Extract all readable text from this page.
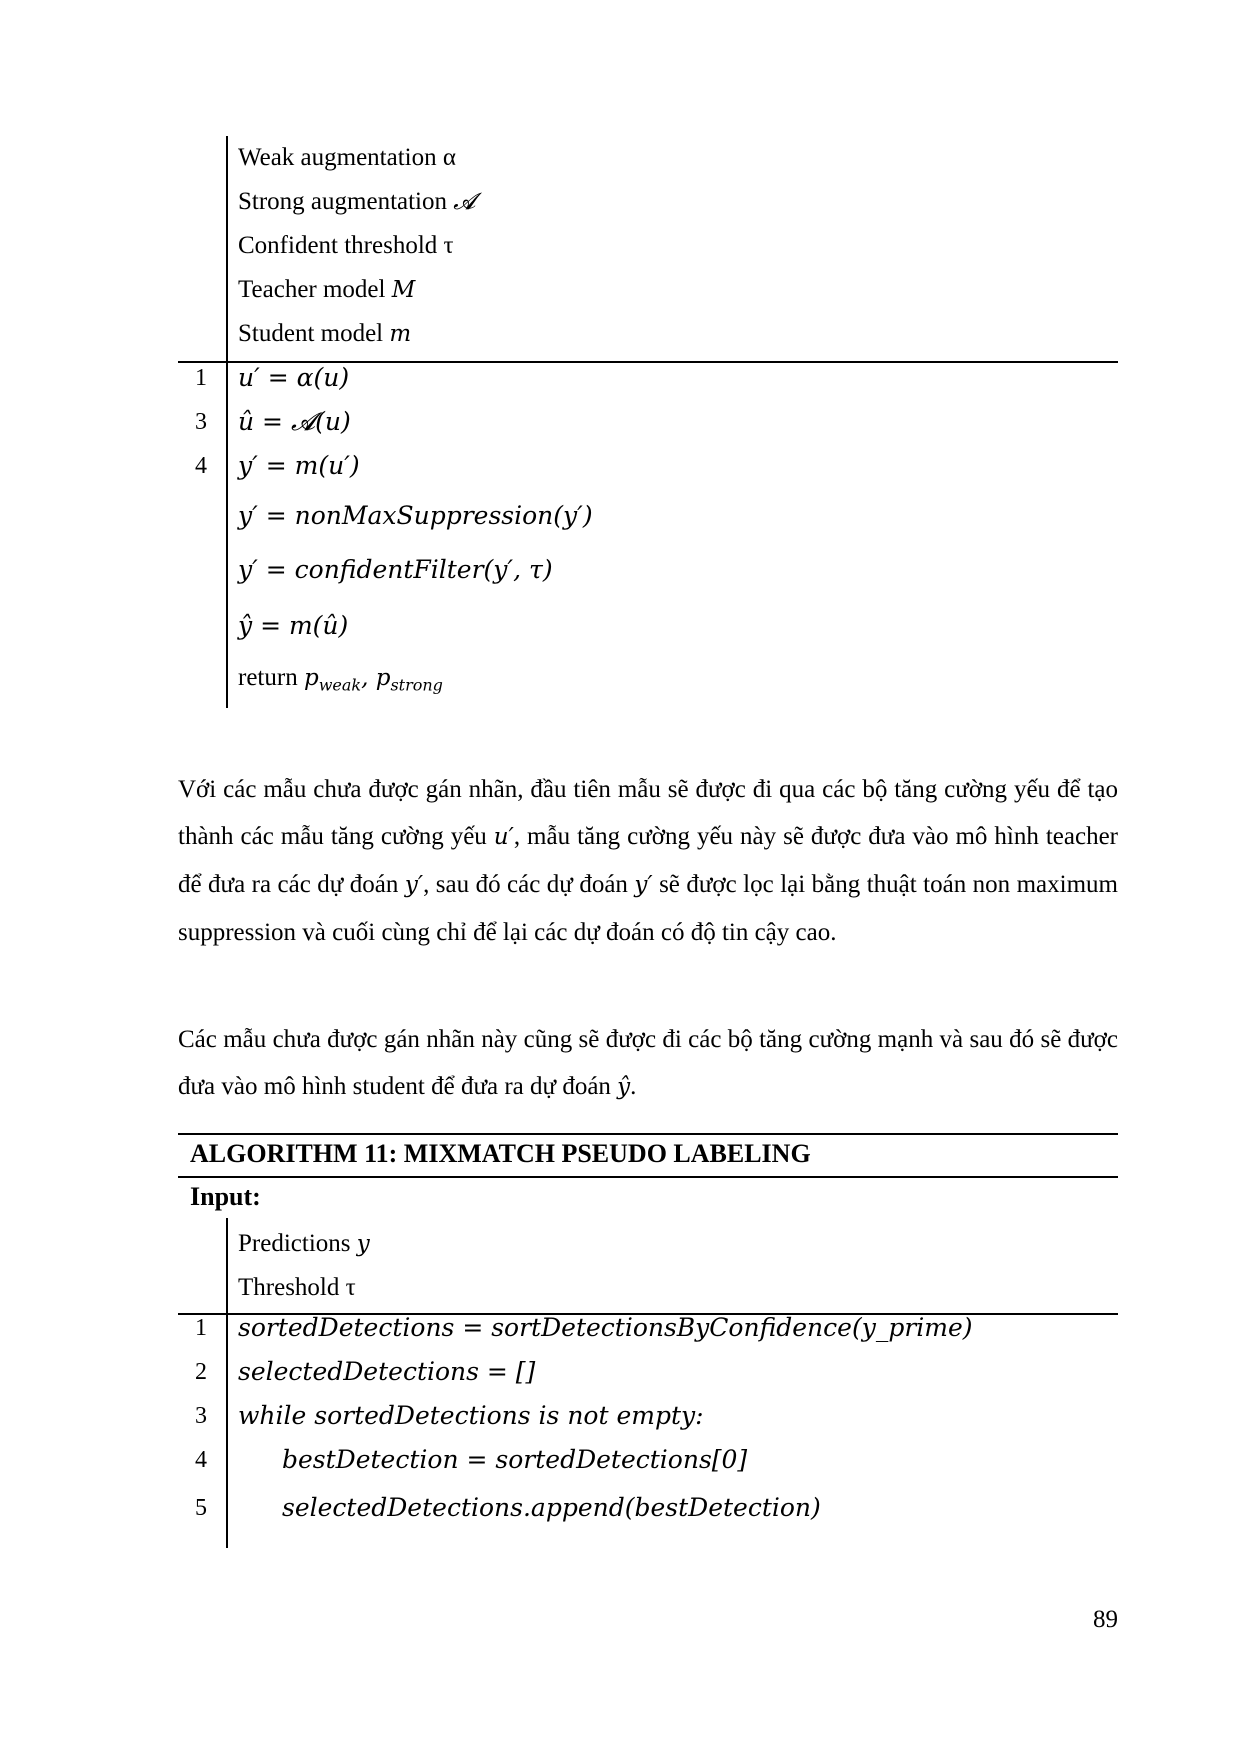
Weak augmentation α
Strong augmentation 𝓐
Confident threshold τ
Teacher model M
Student model m
1	u′ = α(u)
3	û = 𝓐(u)
4	y′ = m(u′)
y′ = nonMaxSuppression(y′)
y′ = confidentFilter(y′, τ)
ŷ = m(û)
return $p_{weak}$, $p_{strong}$

Với các mẫu chưa được gán nhãn, đầu tiên mẫu sẽ được đi qua các bộ tăng cường yếu để tạo thành các mẫu tăng cường yếu u′, mẫu tăng cường yếu này sẽ được đưa vào mô hình teacher để đưa ra các dự đoán y′, sau đó các dự đoán y′ sẽ được lọc lại bằng thuật toán non maximum suppression và cuối cùng chỉ để lại các dự đoán có độ tin cậy cao.

Các mẫu chưa được gán nhãn này cũng sẽ được đi các bộ tăng cường mạnh và sau đó sẽ được đưa vào mô hình student để đưa ra dự đoán ŷ.

ALGORITHM 11: MIXMATCH PSEUDO LABELING
Input:
Predictions y
Threshold τ
1	sortedDetections = sortDetectionsByConfidence(y_prime)
2	selectedDetections = []
3	while sortedDetections is not empty:
4	bestDetection = sortedDetections[0]
5	selectedDetections.append(bestDetection)
89
